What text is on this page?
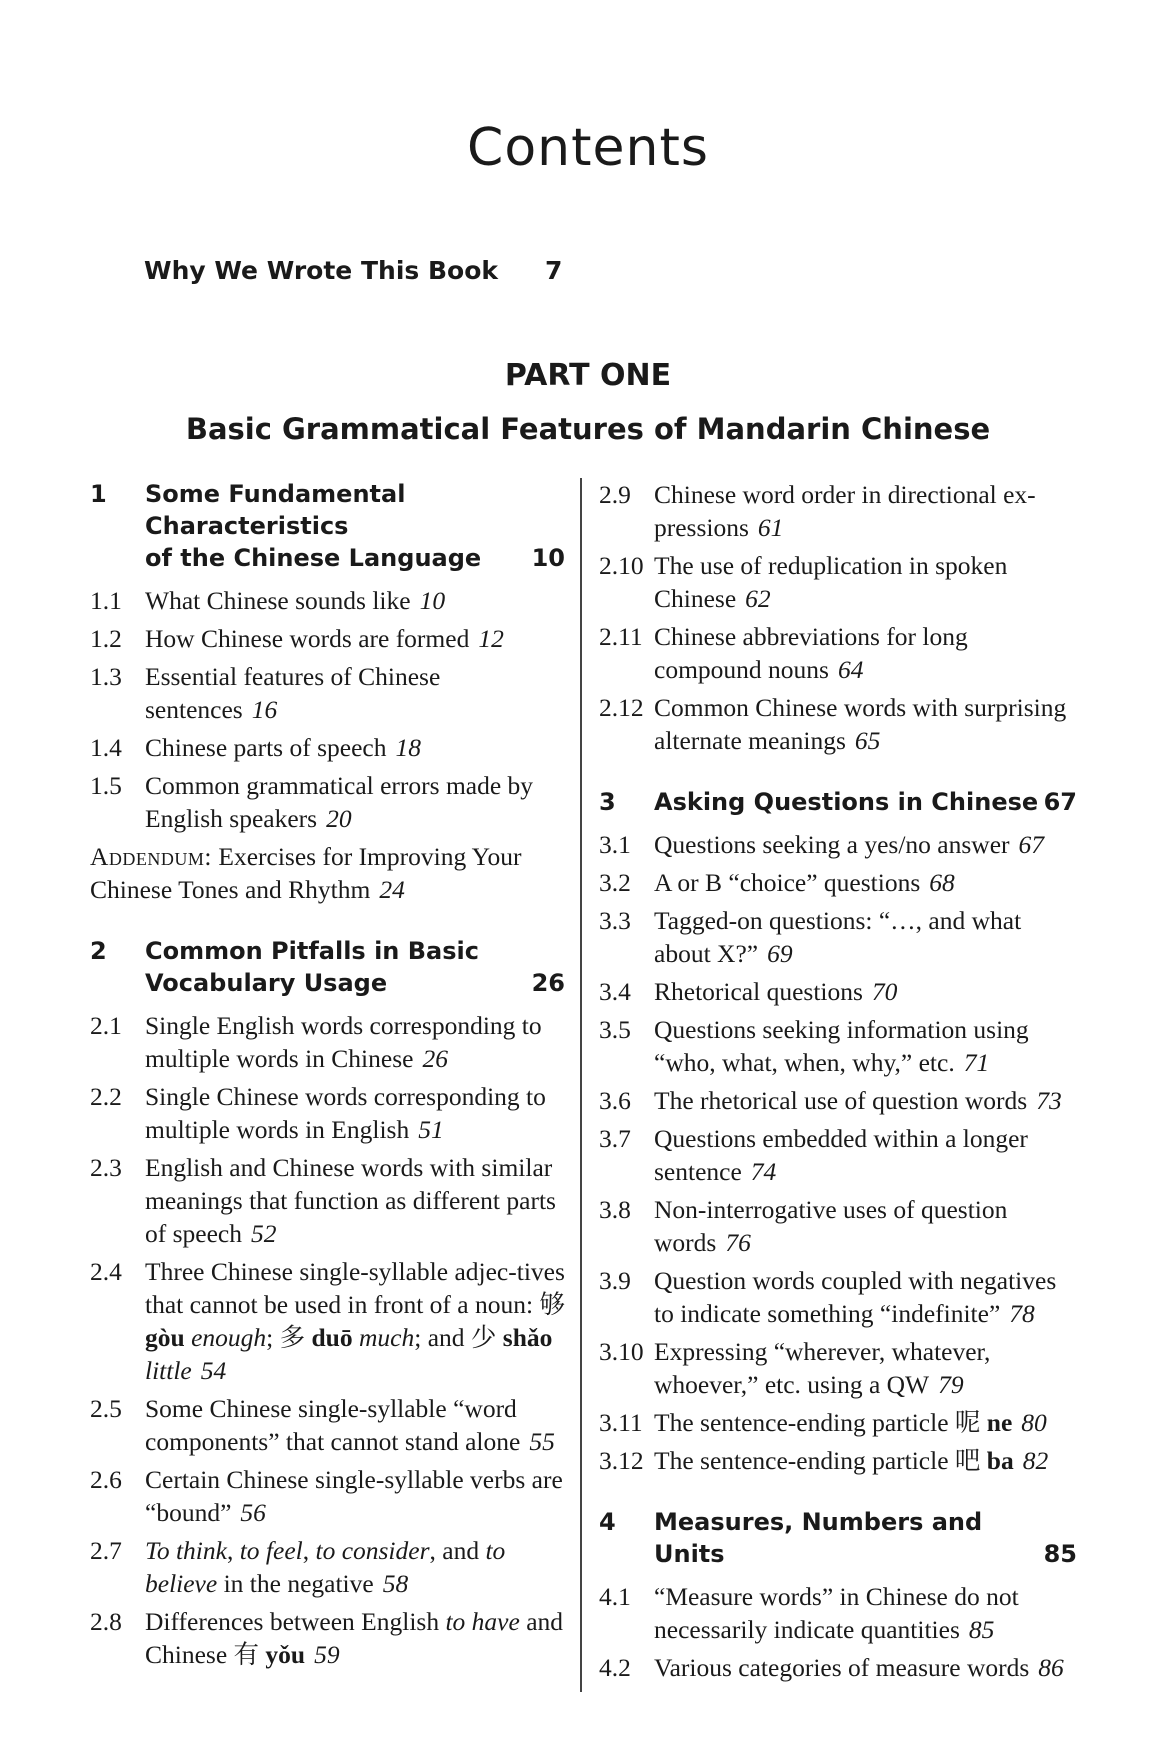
Contents
Why We Wrote This Book 7
PART ONE
Basic Grammatical Features of Mandarin Chinese
1	Some Fundamental Characteristics
of the Chinese Language	10
1.1 What Chinese sounds like 10
1.2 How Chinese words are formed 12
1.3 Essential features of Chinese sentences 16
1.4 Chinese parts of speech 18
1.5 Common grammatical errors made by English speakers 20
Addendum: Exercises for Improving Your Chinese Tones and Rhythm 24
2	Common Pitfalls in Basic
Vocabulary Usage	26
2.1 Single English words corresponding to multiple words in Chinese 26
2.2 Single Chinese words corresponding to multiple words in English 51
2.3 English and Chinese words with similar meanings that function as different parts of speech 52
2.4 Three Chinese single-syllable adjec-tives that cannot be used in front of a noun: 够 gòu enough; 多 duō much; and 少 shǎo little 54
2.5 Some Chinese single-syllable “word components” that cannot stand alone 55
2.6 Certain Chinese single-syllable verbs are “bound” 56
2.7 To think, to feel, to consider, and to believe in the negative 58
2.8 Differences between English to have and Chinese 有 yǒu 59
2.9 Chinese word order in directional ex-pressions 61
2.10 The use of reduplication in spoken Chinese 62
2.11 Chinese abbreviations for long compound nouns 64
2.12 Common Chinese words with surprising alternate meanings 65
3	Asking Questions in Chinese 67
3.1 Questions seeking a yes/no answer 67
3.2 A or B “choice” questions 68
3.3 Tagged-on questions: “…, and what about X?” 69
3.4 Rhetorical questions 70
3.5 Questions seeking information using “who, what, when, why,” etc. 71
3.6 The rhetorical use of question words 73
3.7 Questions embedded within a longer sentence 74
3.8 Non-interrogative uses of question words 76
3.9 Question words coupled with negatives to indicate something “indefinite” 78
3.10 Expressing “wherever, whatever, whoever,” etc. using a QW 79
3.11 The sentence-ending particle 呢 ne 80
3.12 The sentence-ending particle 吧 ba 82
4	Measures, Numbers and Units	85
4.1 “Measure words” in Chinese do not necessarily indicate quantities 85
4.2 Various categories of measure words 86
